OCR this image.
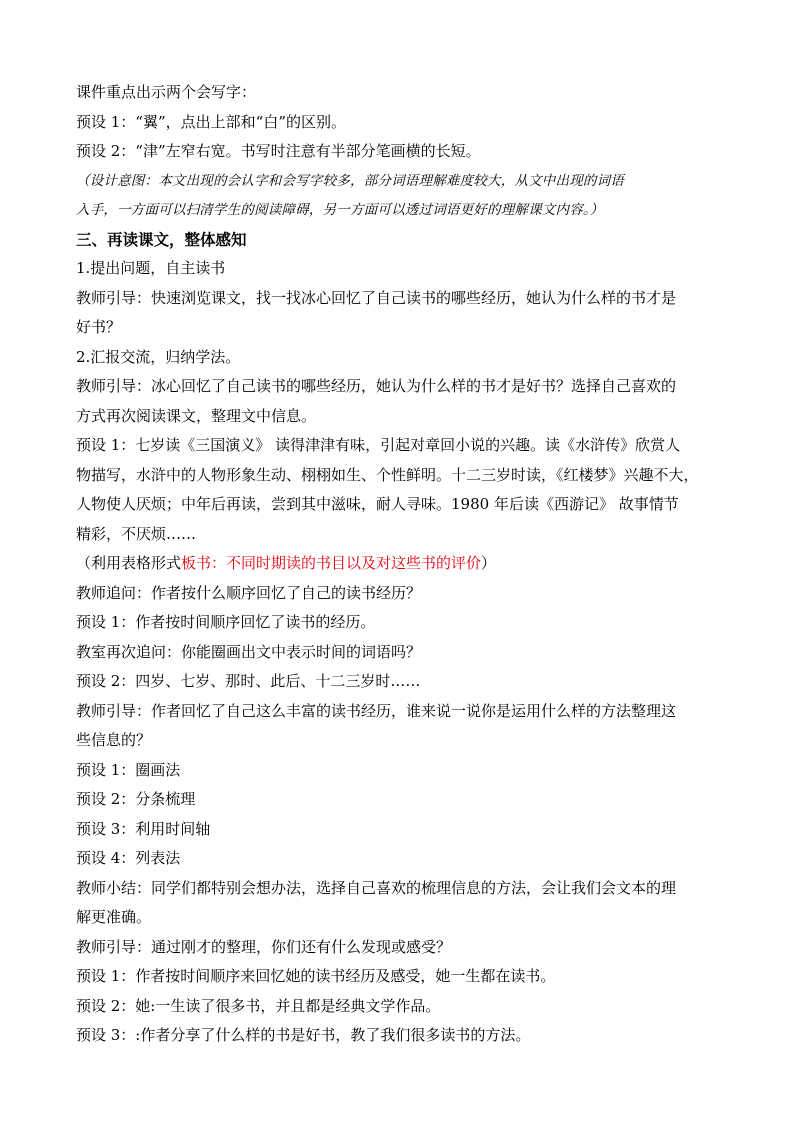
课件重点出示两个会写字：

预设 1：“翼”，点出上部和“白”的区别。

预设 2：“津”左窄右宽。书写时注意有半部分笔画横的长短。

（设计意图：本文出现的会认字和会写字较多，部分词语理解难度较大，从文中出现的词语

入手，一方面可以扫清学生的阅读障碍，另一方面可以透过词语更好的理解课文内容。）

三、再读课文，整体感知

1.提出问题，自主读书

教师引导：快速浏览课文，找一找冰心回忆了自己读书的哪些经历，她认为什么样的书才是

好书？

2.汇报交流，归纳学法。

教师引导：冰心回忆了自己读书的哪些经历，她认为什么样的书才是好书？选择自己喜欢的

方式再次阅读课文，整理文中信息。

预设 1：七岁读《三国演义》 读得津津有味，引起对章回小说的兴趣。读《水浒传》欣赏人

物描写，水浒中的人物形象生动、栩栩如生、个性鲜明。十二三岁时读，《红楼梦》兴趣不大，

人物使人厌烦；中年后再读，尝到其中滋味，耐人寻味。1980 年后读《西游记》 故事情节

精彩，不厌烦……

（利用表格形式板书：不同时期读的书目以及对这些书的评价）

教师追问：作者按什么顺序回忆了自己的读书经历？

预设 1：作者按时间顺序回忆了读书的经历。

教室再次追问：你能圈画出文中表示时间的词语吗？

预设 2：四岁、七岁、那时、此后、十二三岁时……

教师引导：作者回忆了自己这么丰富的读书经历，谁来说一说你是运用什么样的方法整理这

些信息的？

预设 1：圈画法

预设 2：分条梳理

预设 3：利用时间轴

预设 4：列表法

教师小结：同学们都特别会想办法，选择自己喜欢的梳理信息的方法，会让我们会文本的理

解更准确。

教师引导：通过刚才的整理，你们还有什么发现或感受？

预设 1：作者按时间顺序来回忆她的读书经历及感受，她一生都在读书。

预设 2：她:一生读了很多书，并且都是经典文学作品。

预设 3：:作者分享了什么样的书是好书，教了我们很多读书的方法。
